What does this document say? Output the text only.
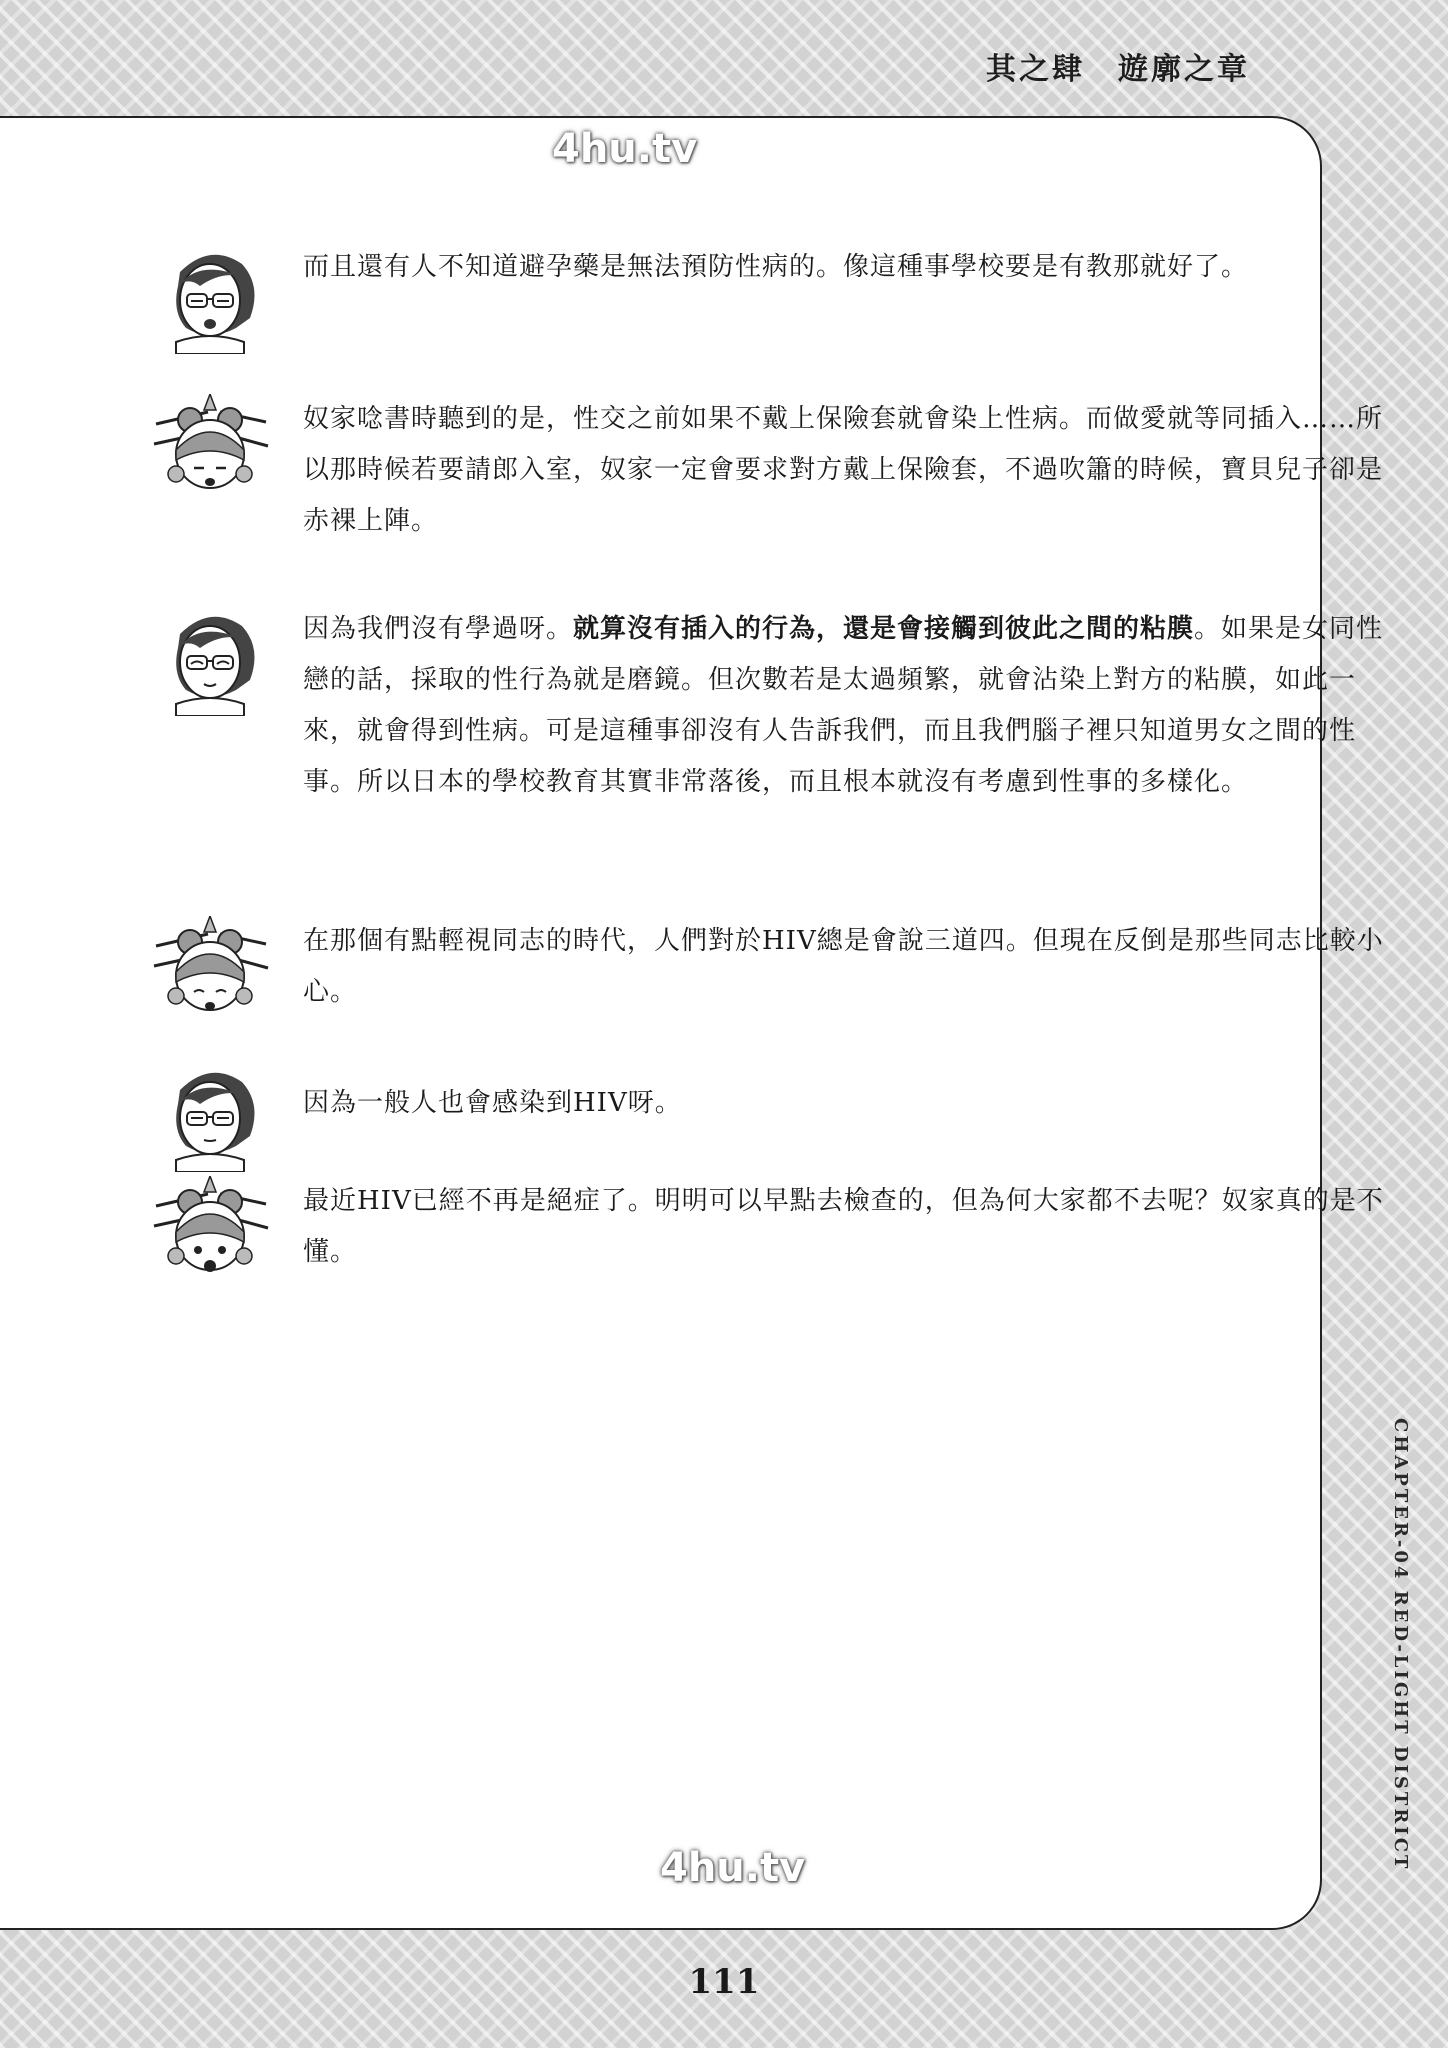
其之肆　遊廓之章
4hu.tv
而且還有人不知道避孕藥是無法預防性病的。像這種事學校要是有教那就好了。
奴家唸書時聽到的是，性交之前如果不戴上保險套就會染上性病。而做愛就等同插入……所以那時候若要請郎入室，奴家一定會要求對方戴上保險套，不過吹簫的時候，寶貝兒子卻是赤裸上陣。
因為我們沒有學過呀。就算沒有插入的行為，還是會接觸到彼此之間的粘膜。如果是女同性戀的話，採取的性行為就是磨鏡。但次數若是太過頻繁，就會沾染上對方的粘膜，如此一來，就會得到性病。可是這種事卻沒有人告訴我們，而且我們腦子裡只知道男女之間的性事。所以日本的學校教育其實非常落後，而且根本就沒有考慮到性事的多樣化。
在那個有點輕視同志的時代，人們對於HIV總是會說三道四。但現在反倒是那些同志比較小心。
因為一般人也會感染到HIV呀。
最近HIV已經不再是絕症了。明明可以早點去檢查的，但為何大家都不去呢？奴家真的是不懂。
4hu.tv	CHAPTER-04 RED-LIGHT DISTRICT
111
